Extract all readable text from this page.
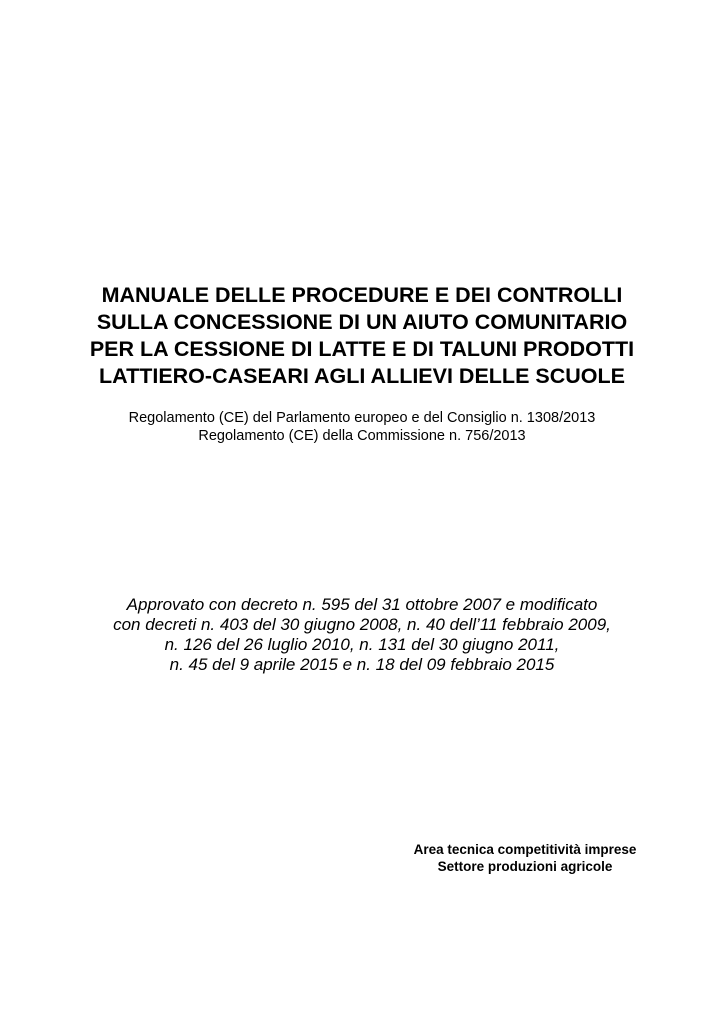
MANUALE DELLE PROCEDURE E DEI CONTROLLI
SULLA CONCESSIONE DI UN AIUTO COMUNITARIO
PER LA CESSIONE DI LATTE E DI TALUNI PRODOTTI
LATTIERO-CASEARI AGLI ALLIEVI DELLE SCUOLE
Regolamento (CE) del Parlamento europeo e del Consiglio n. 1308/2013
Regolamento (CE) della Commissione n. 756/2013
Approvato con decreto n. 595 del 31 ottobre 2007 e modificato
con decreti n. 403 del 30 giugno 2008, n. 40 dell’11 febbraio 2009,
n. 126 del 26 luglio 2010, n. 131 del 30 giugno 2011,
n. 45 del 9 aprile 2015 e n. 18 del 09 febbraio 2015
Area tecnica competitività imprese
Settore produzioni agricole
